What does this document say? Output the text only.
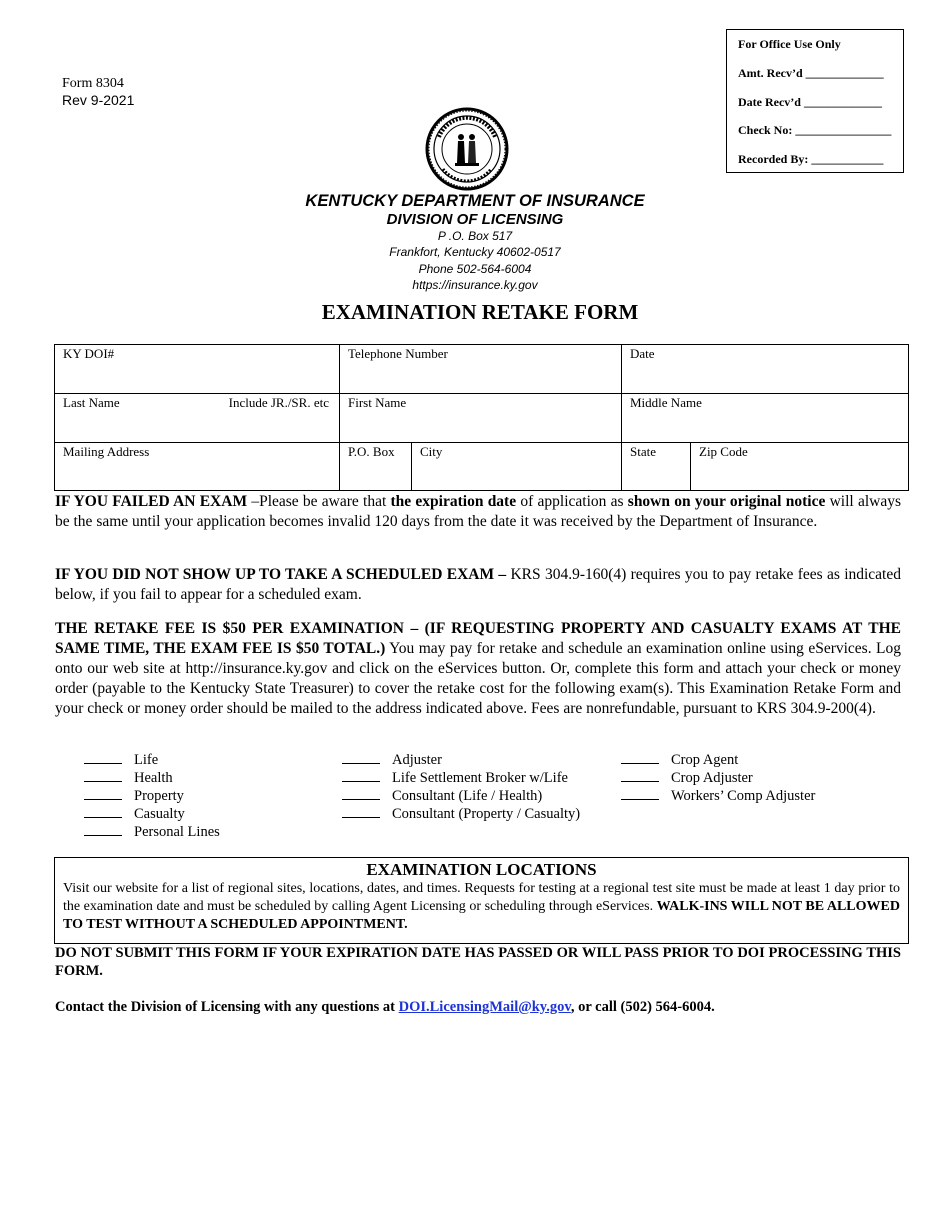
Form 8304
Rev 9-2021
For Office Use Only
Amt. Recv’d _____________
Date Recv’d _____________
Check No: ________________
Recorded By: ____________
KENTUCKY DEPARTMENT OF INSURANCE
DIVISION OF LICENSING
P .O. Box 517
Frankfort, Kentucky 40602-0517
Phone 502-564-6004
https://insurance.ky.gov
EXAMINATION RETAKE FORM
KY DOI#	Telephone Number	Date
Last Name	Include JR./SR. etc	First Name	Middle Name
Mailing Address	P.O. Box	City	State	Zip Code
IF YOU FAILED AN EXAM –Please be aware that the expiration date of application as shown on your original notice will always be the same until your application becomes invalid 120 days from the date it was received by the Department of Insurance.
IF YOU DID NOT SHOW UP TO TAKE A SCHEDULED EXAM – KRS 304.9-160(4) requires you to pay retake fees as indicated below, if you fail to appear for a scheduled exam.
THE RETAKE FEE IS $50 PER EXAMINATION – (IF REQUESTING PROPERTY AND CASUALTY EXAMS AT THE SAME TIME, THE EXAM FEE IS $50 TOTAL.) You may pay for retake and schedule an examination online using eServices. Log onto our web site at http://insurance.ky.gov and click on the eServices button. Or, complete this form and attach your check or money order (payable to the Kentucky State Treasurer) to cover the retake cost for the following exam(s). This Examination Retake Form and your check or money order should be mailed to the address indicated above. Fees are nonrefundable, pursuant to KRS 304.9-200(4).
Life
Health
Property
Casualty
Personal Lines
Adjuster
Life Settlement Broker w/Life
Consultant (Life / Health)
Consultant (Property / Casualty)
Crop Agent
Crop Adjuster
Workers’ Comp Adjuster
EXAMINATION LOCATIONS
Visit our website for a list of regional sites, locations, dates, and times. Requests for testing at a regional test site must be made at least 1 day prior to the examination date and must be scheduled by calling Agent Licensing or scheduling through eServices. WALK-INS WILL NOT BE ALLOWED TO TEST WITHOUT A SCHEDULED APPOINTMENT.
DO NOT SUBMIT THIS FORM IF YOUR EXPIRATION DATE HAS PASSED OR WILL PASS PRIOR TO DOI PROCESSING THIS FORM.
Contact the Division of Licensing with any questions at DOI.LicensingMail@ky.gov, or call (502) 564-6004.
